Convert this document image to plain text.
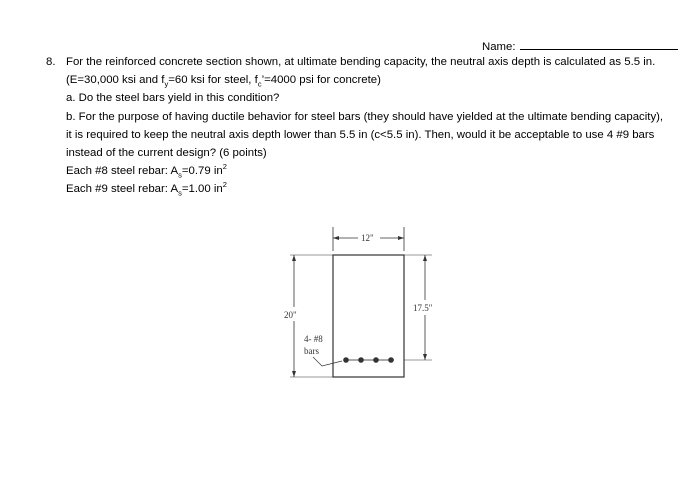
Name:
8. For the reinforced concrete section shown, at ultimate bending capacity, the neutral axis depth is calculated as 5.5 in.
(E=30,000 ksi and $f_y=60$ ksi for steel, $f_c’=4000$ psi for concrete)
a. Do the steel bars yield in this condition?
b. For the purpose of having ductile behavior for steel bars (they should have yielded at the ultimate bending capacity),
it is required to keep the neutral axis depth lower than 5.5 in (c<5.5 in). Then, would it be acceptable to use 4 #9 bars
instead of the current design? (6 points)
Each #8 steel rebar: $A_s=0.79$ $in^2$
Each #9 steel rebar: $A_s=1.00$ $in^2$
12"
20"
17.5"
4- #8
bars
